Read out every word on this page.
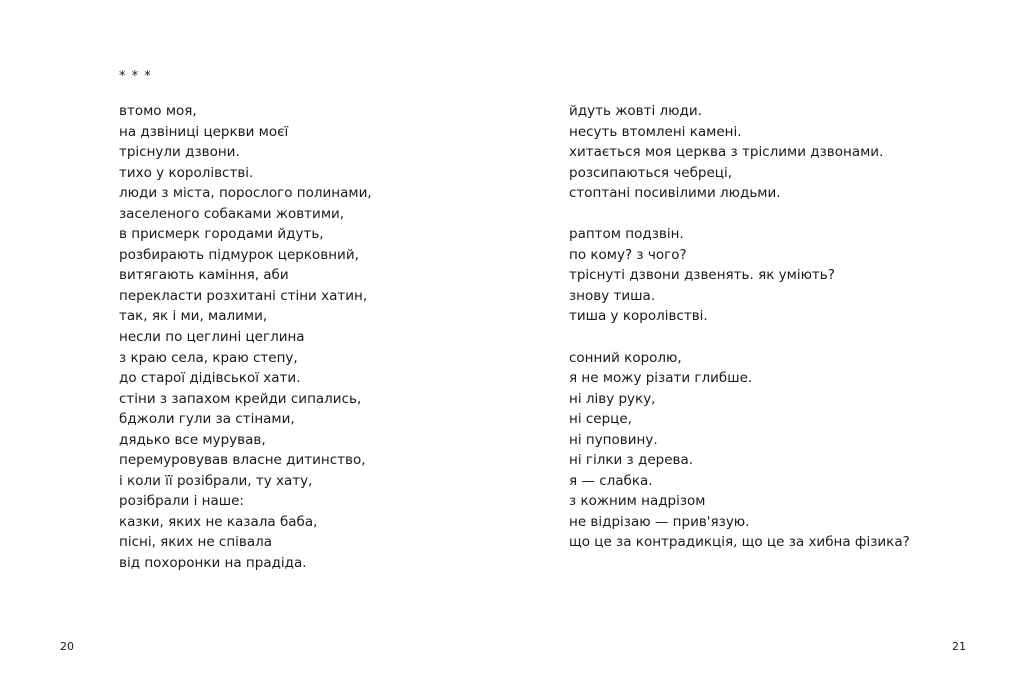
* * *
втомо моя,
на дзвіниці церкви моєї
тріснули дзвони.
тихо у королівстві.
люди з міста, порослого полинами,
заселеного собаками жовтими,
в присмерк городами йдуть,
розбирають підмурок церковний,
витягають каміння, аби
перекласти розхитані стіни хатин,
так, як і ми, малими,
несли по цеглині цеглина
з краю села, краю степу,
до старої дідівської хати.
стіни з запахом крейди сипались,
бджоли гули за стінами,
дядько все мурував,
перемуровував власне дитинство,
і коли її розібрали, ту хату,
розібрали і наше:
казки, яких не казала баба,
пісні, яких не співала
від похоронки на прадіда.
йдуть жовті люди.
несуть втомлені камені.
хитається моя церква з тріслими дзвонами.
розсипаються чебреці,
стоптані посивілими людьми.
раптом подзвін.
по кому? з чого?
тріснуті дзвони дзвенять. як уміють?
знову тиша.
тиша у королівстві.
сонний королю,
я не можу різати глибше.
ні ліву руку,
ні серце,
ні пуповину.
ні гілки з дерева.
я — слабка.
з кожним надрізом
не відрізаю — прив'язую.
що це за контрадикція, що це за хибна фізика?
20	21
